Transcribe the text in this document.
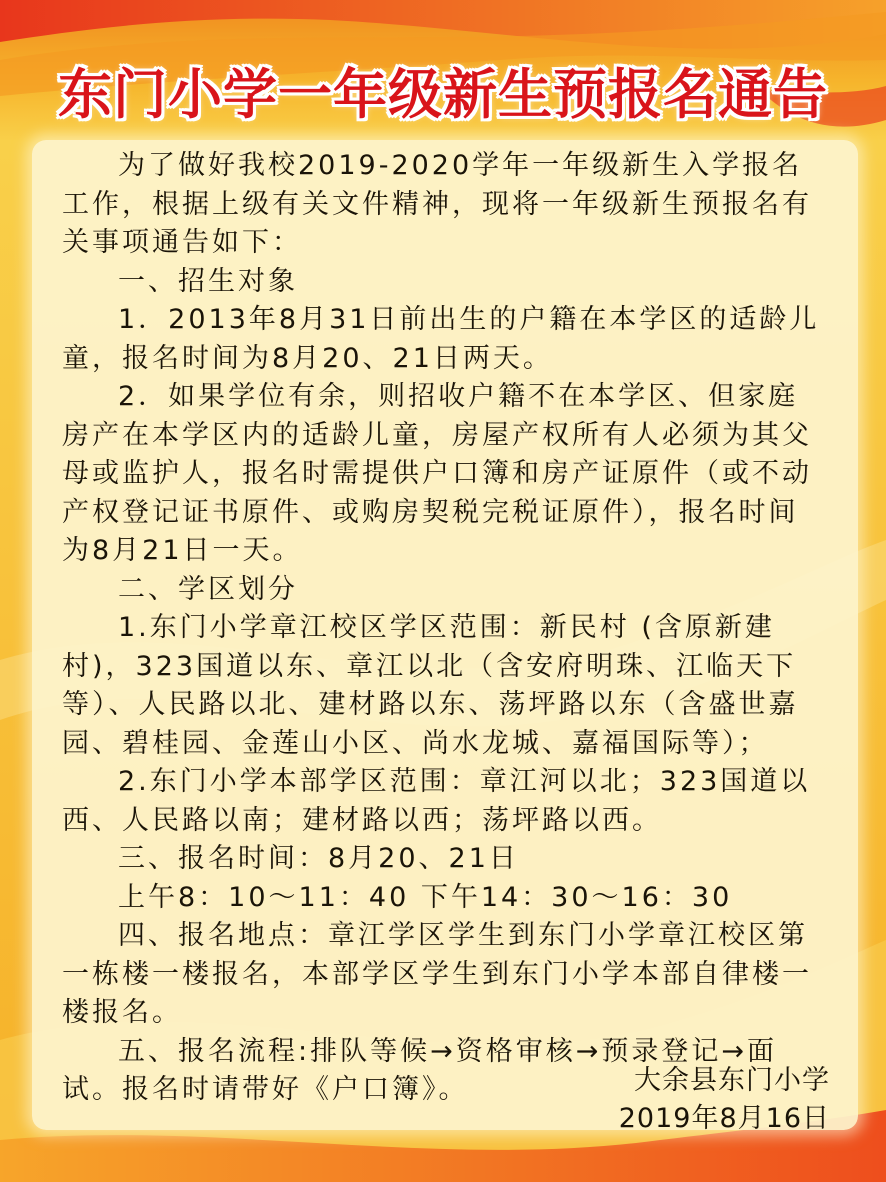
东门小学一年级新生预报名通告

为了做好我校2019-2020学年一年级新生入学报名工作，根据上级有关文件精神，现将一年级新生预报名有关事项通告如下：

一、招生对象

1．2013年8月31日前出生的户籍在本学区的适龄儿童，报名时间为8月20、21日两天。

2．如果学位有余，则招收户籍不在本学区、但家庭房产在本学区内的适龄儿童，房屋产权所有人必须为其父母或监护人，报名时需提供户口簿和房产证原件（或不动产权登记证书原件、或购房契税完税证原件），报名时间为8月21日一天。

二、学区划分

1.东门小学章江校区学区范围：新民村 (含原新建村)，323国道以东、章江以北（含安府明珠、江临天下等）、人民路以北、建材路以东、荡坪路以东（含盛世嘉园、碧桂园、金莲山小区、尚水龙城、嘉福国际等）；

2.东门小学本部学区范围：章江河以北；323国道以西、人民路以南；建材路以西；荡坪路以西。

三、报名时间：8月20、21日

上午8：10～11：40 下午14：30～16：30

四、报名地点：章江学区学生到东门小学章江校区第一栋楼一楼报名，本部学区学生到东门小学本部自律楼一楼报名。

五、报名流程:排队等候→资格审核→预录登记→面试。报名时请带好《户口簿》。	大余县东门小学

2019年8月16日
